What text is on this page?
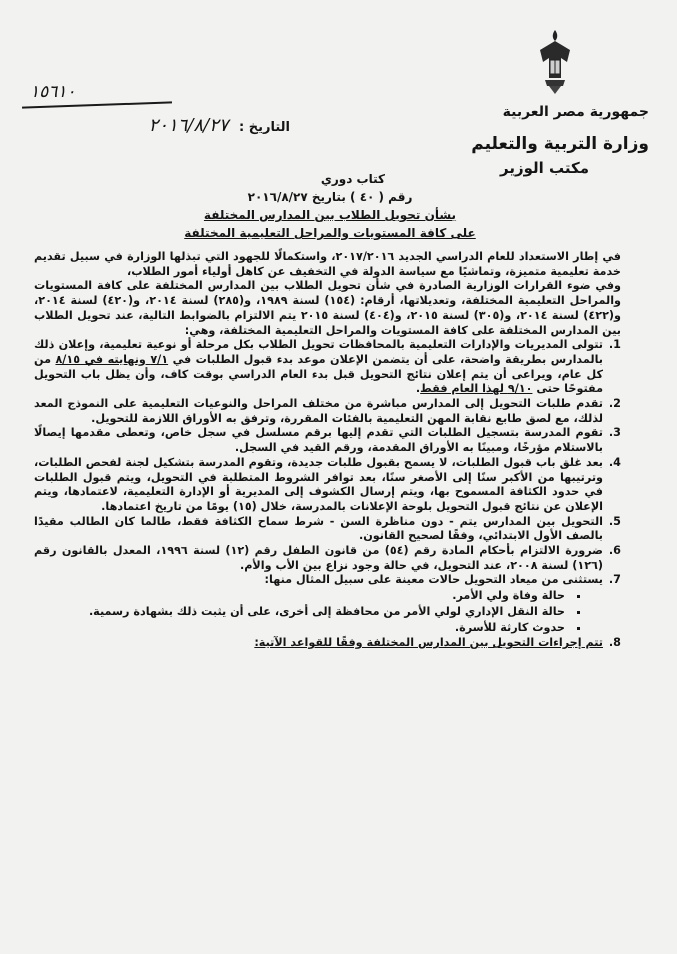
١٥٦١٠
التاريخ : ٢٠١٦/٨/٢٧
جمهورية مصر العربية
وزارة التربية والتعليم
مكتب الوزير
كتاب دوري
رقم ( ٤٠ ) بتاريخ ٢٠١٦/٨/٢٧
بشأن تحويل الطلاب بين المدارس المختلفة
على كافة المستويات والمراحل التعليمية المختلفة

في إطار الاستعداد للعام الدراسي الجديد ٢٠١٧/٢٠١٦، واستكمالًا للجهود التي تبذلها الوزارة في سبيل تقديم خدمة تعليمية متميزة، وتماشيًا مع سياسة الدولة في التخفيف عن كاهل أولياء أمور الطلاب،

وفي ضوء القرارات الوزارية الصادرة في شأن تحويل الطلاب بين المدارس المختلفة على كافة المستويات والمراحل التعليمية المختلفة، وتعديلاتها، أرقام: (١٥٤) لسنة ١٩٨٩، و(٢٨٥) لسنة ٢٠١٤، و(٤٢٠) لسنة ٢٠١٤، و(٤٢٢) لسنة ٢٠١٤، و(٣٠٥) لسنة ٢٠١٥، و(٤٠٤) لسنة ٢٠١٥ يتم الالتزام بالضوابط التالية، عند تحويل الطلاب بين المدارس المختلفة على كافة المستويات والمراحل التعليمية المختلفة، وهي:

1. تتولى المديريات والإدارات التعليمية بالمحافظات تحويل الطلاب بكل مرحلة أو نوعية تعليمية، وإعلان ذلك بالمدارس بطريقة واضحة، على أن يتضمن الإعلان موعد بدء قبول الطلبات في ٧/١ ونهايته في ٨/١٥ من كل عام، ويراعى أن يتم إعلان نتائج التحويل قبل بدء العام الدراسي بوقت كاف، وأن يظل باب التحويل مفتوحًا حتى ٩/١٠ لهذا العام فقط.
2. تقدم طلبات التحويل إلى المدارس مباشرة من مختلف المراحل والنوعيات التعليمية على النموذج المعد لذلك، مع لصق طابع نقابة المهن التعليمية بالفئات المقررة، وترفق به الأوراق اللازمة للتحويل.
3. تقوم المدرسة بتسجيل الطلبات التي تقدم إليها برقم مسلسل في سجل خاص، وتعطى مقدمها إيصالًا بالاستلام مؤرخًا، ومبينًا به الأوراق المقدمة، ورقم القيد في السجل.
4. بعد غلق باب قبول الطلبات، لا يسمح بقبول طلبات جديدة، وتقوم المدرسة بتشكيل لجنة لفحص الطلبات، وترتيبها من الأكبر سنًا إلى الأصغر سنًا، بعد توافر الشروط المتطلبة في التحويل، ويتم قبول الطلبات في حدود الكثافة المسموح بها، ويتم إرسال الكشوف إلى المديرية أو الإدارة التعليمية، لاعتمادها، ويتم الإعلان عن نتائج قبول التحويل بلوحة الإعلانات بالمدرسة، خلال (١٥) يومًا من تاريخ اعتمادها.
5. التحويل بين المدارس يتم - دون مناظرة السن - شرط سماح الكثافة فقط، طالما كان الطالب مقيدًا بالصف الأول الابتدائي، وفقًا لصحيح القانون.
6. ضرورة الالتزام بأحكام المادة رقم (٥٤) من قانون الطفل رقم (١٢) لسنة ١٩٩٦، المعدل بالقانون رقم (١٢٦) لسنة ٢٠٠٨، عند التحويل، في حالة وجود نزاع بين الأب والأم.
7. يستثنى من ميعاد التحويل حالات معينة على سبيل المثال منها:
▪ حالة وفاة ولي الأمر.
▪ حالة النقل الإداري لولي الأمر من محافظة إلى أخرى، على أن يثبت ذلك بشهادة رسمية.
▪ حدوث كارثة للأسرة.
8. تتم إجراءات التحويل بين المدارس المختلفة وفقًا للقواعد الآتية:
